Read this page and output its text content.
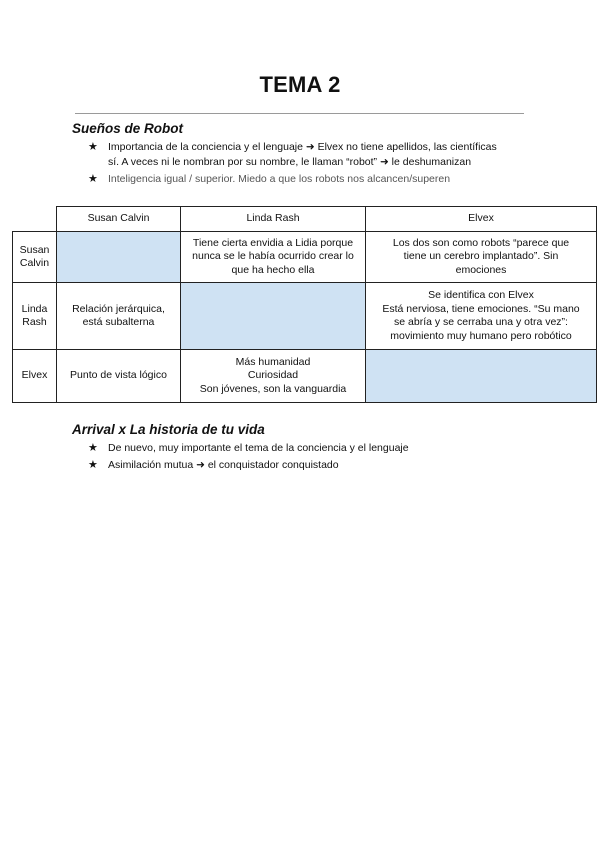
TEMA 2
Sueños de Robot
★ Importancia de la conciencia y el lenguaje ➜ Elvex no tiene apellidos, las científicas
sí. A veces ni le nombran por su nombre, le llaman “robot” ➜ le deshumanizan
★ Inteligencia igual / superior. Miedo a que los robots nos alcancen/superen
	Susan Calvin	Linda Rash	Elvex

Susan
Calvin		Tiene cierta envidia a Lidia porque
nunca se le había ocurrido crear lo
que ha hecho ella	Los dos son como robots “parece que
tiene un cerebro implantado”. Sin
emociones

Linda
Rash	Relación jerárquica,
está subalterna		Se identifica con Elvex
Está nerviosa, tiene emociones. “Su mano
se abría y se cerraba una y otra vez”:
movimiento muy humano pero robótico

Elvex	Punto de vista lógico	Más humanidad
Curiosidad
Son jóvenes, son la vanguardia	

Arrival x La historia de tu vida
★ De nuevo, muy importante el tema de la conciencia y el lenguaje
★ Asimilación mutua ➜ el conquistador conquistado
